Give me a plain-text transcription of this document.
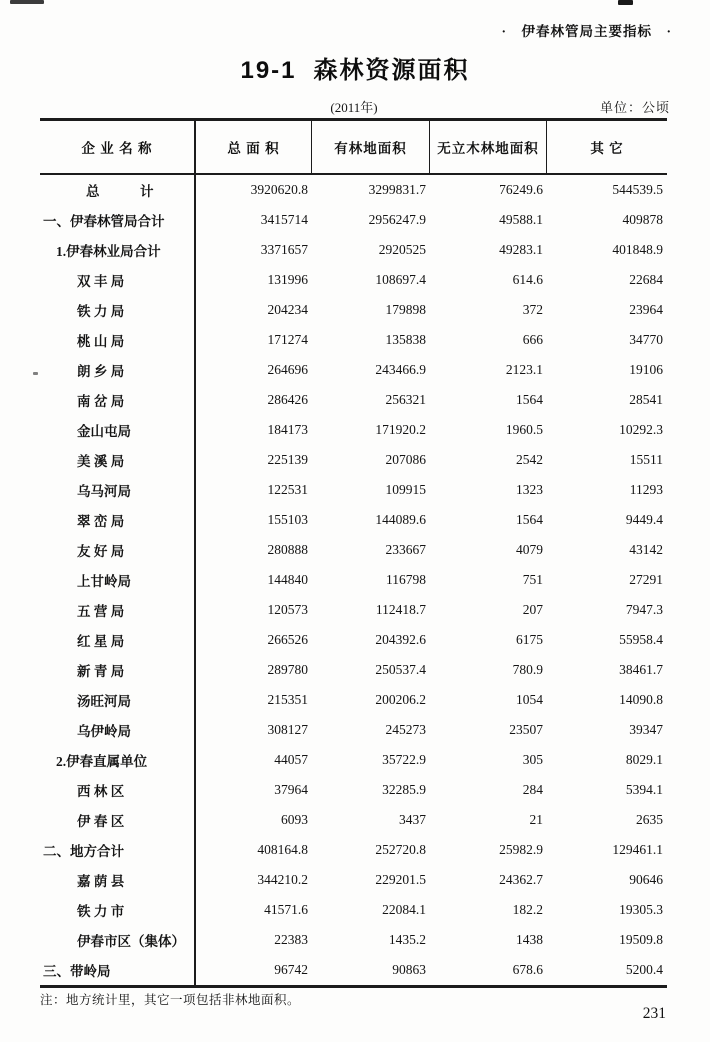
·　伊春林管局主要指标　·
19-1 森林资源面积
(2011年)	单位：公顷
企 业 名 称	总 面 积	有林地面积	无立木林地面积	其 它
总　　　计	3920620.8	3299831.7	76249.6	544539.5
一、伊春林管局合计	3415714	2956247.9	49588.1	409878
1.伊春林业局合计	3371657	2920525	49283.1	401848.9
双 丰 局	131996	108697.4	614.6	22684
铁 力 局	204234	179898	372	23964
桃 山 局	171274	135838	666	34770
朗 乡 局	264696	243466.9	2123.1	19106
南 岔 局	286426	256321	1564	28541
金山屯局	184173	171920.2	1960.5	10292.3
美 溪 局	225139	207086	2542	15511
乌马河局	122531	109915	1323	11293
翠 峦 局	155103	144089.6	1564	9449.4
友 好 局	280888	233667	4079	43142
上甘岭局	144840	116798	751	27291
五 营 局	120573	112418.7	207	7947.3
红 星 局	266526	204392.6	6175	55958.4
新 青 局	289780	250537.4	780.9	38461.7
汤旺河局	215351	200206.2	1054	14090.8
乌伊岭局	308127	245273	23507	39347
2.伊春直属单位	44057	35722.9	305	8029.1
西 林 区	37964	32285.9	284	5394.1
伊 春 区	6093	3437	21	2635
二、地方合计	408164.8	252720.8	25982.9	129461.1
嘉 荫 县	344210.2	229201.5	24362.7	90646
铁 力 市	41571.6	22084.1	182.2	19305.3
伊春市区（集体）	22383	1435.2	1438	19509.8
三、带岭局	96742	90863	678.6	5200.4
注：地方统计里，其它一项包括非林地面积。
231
